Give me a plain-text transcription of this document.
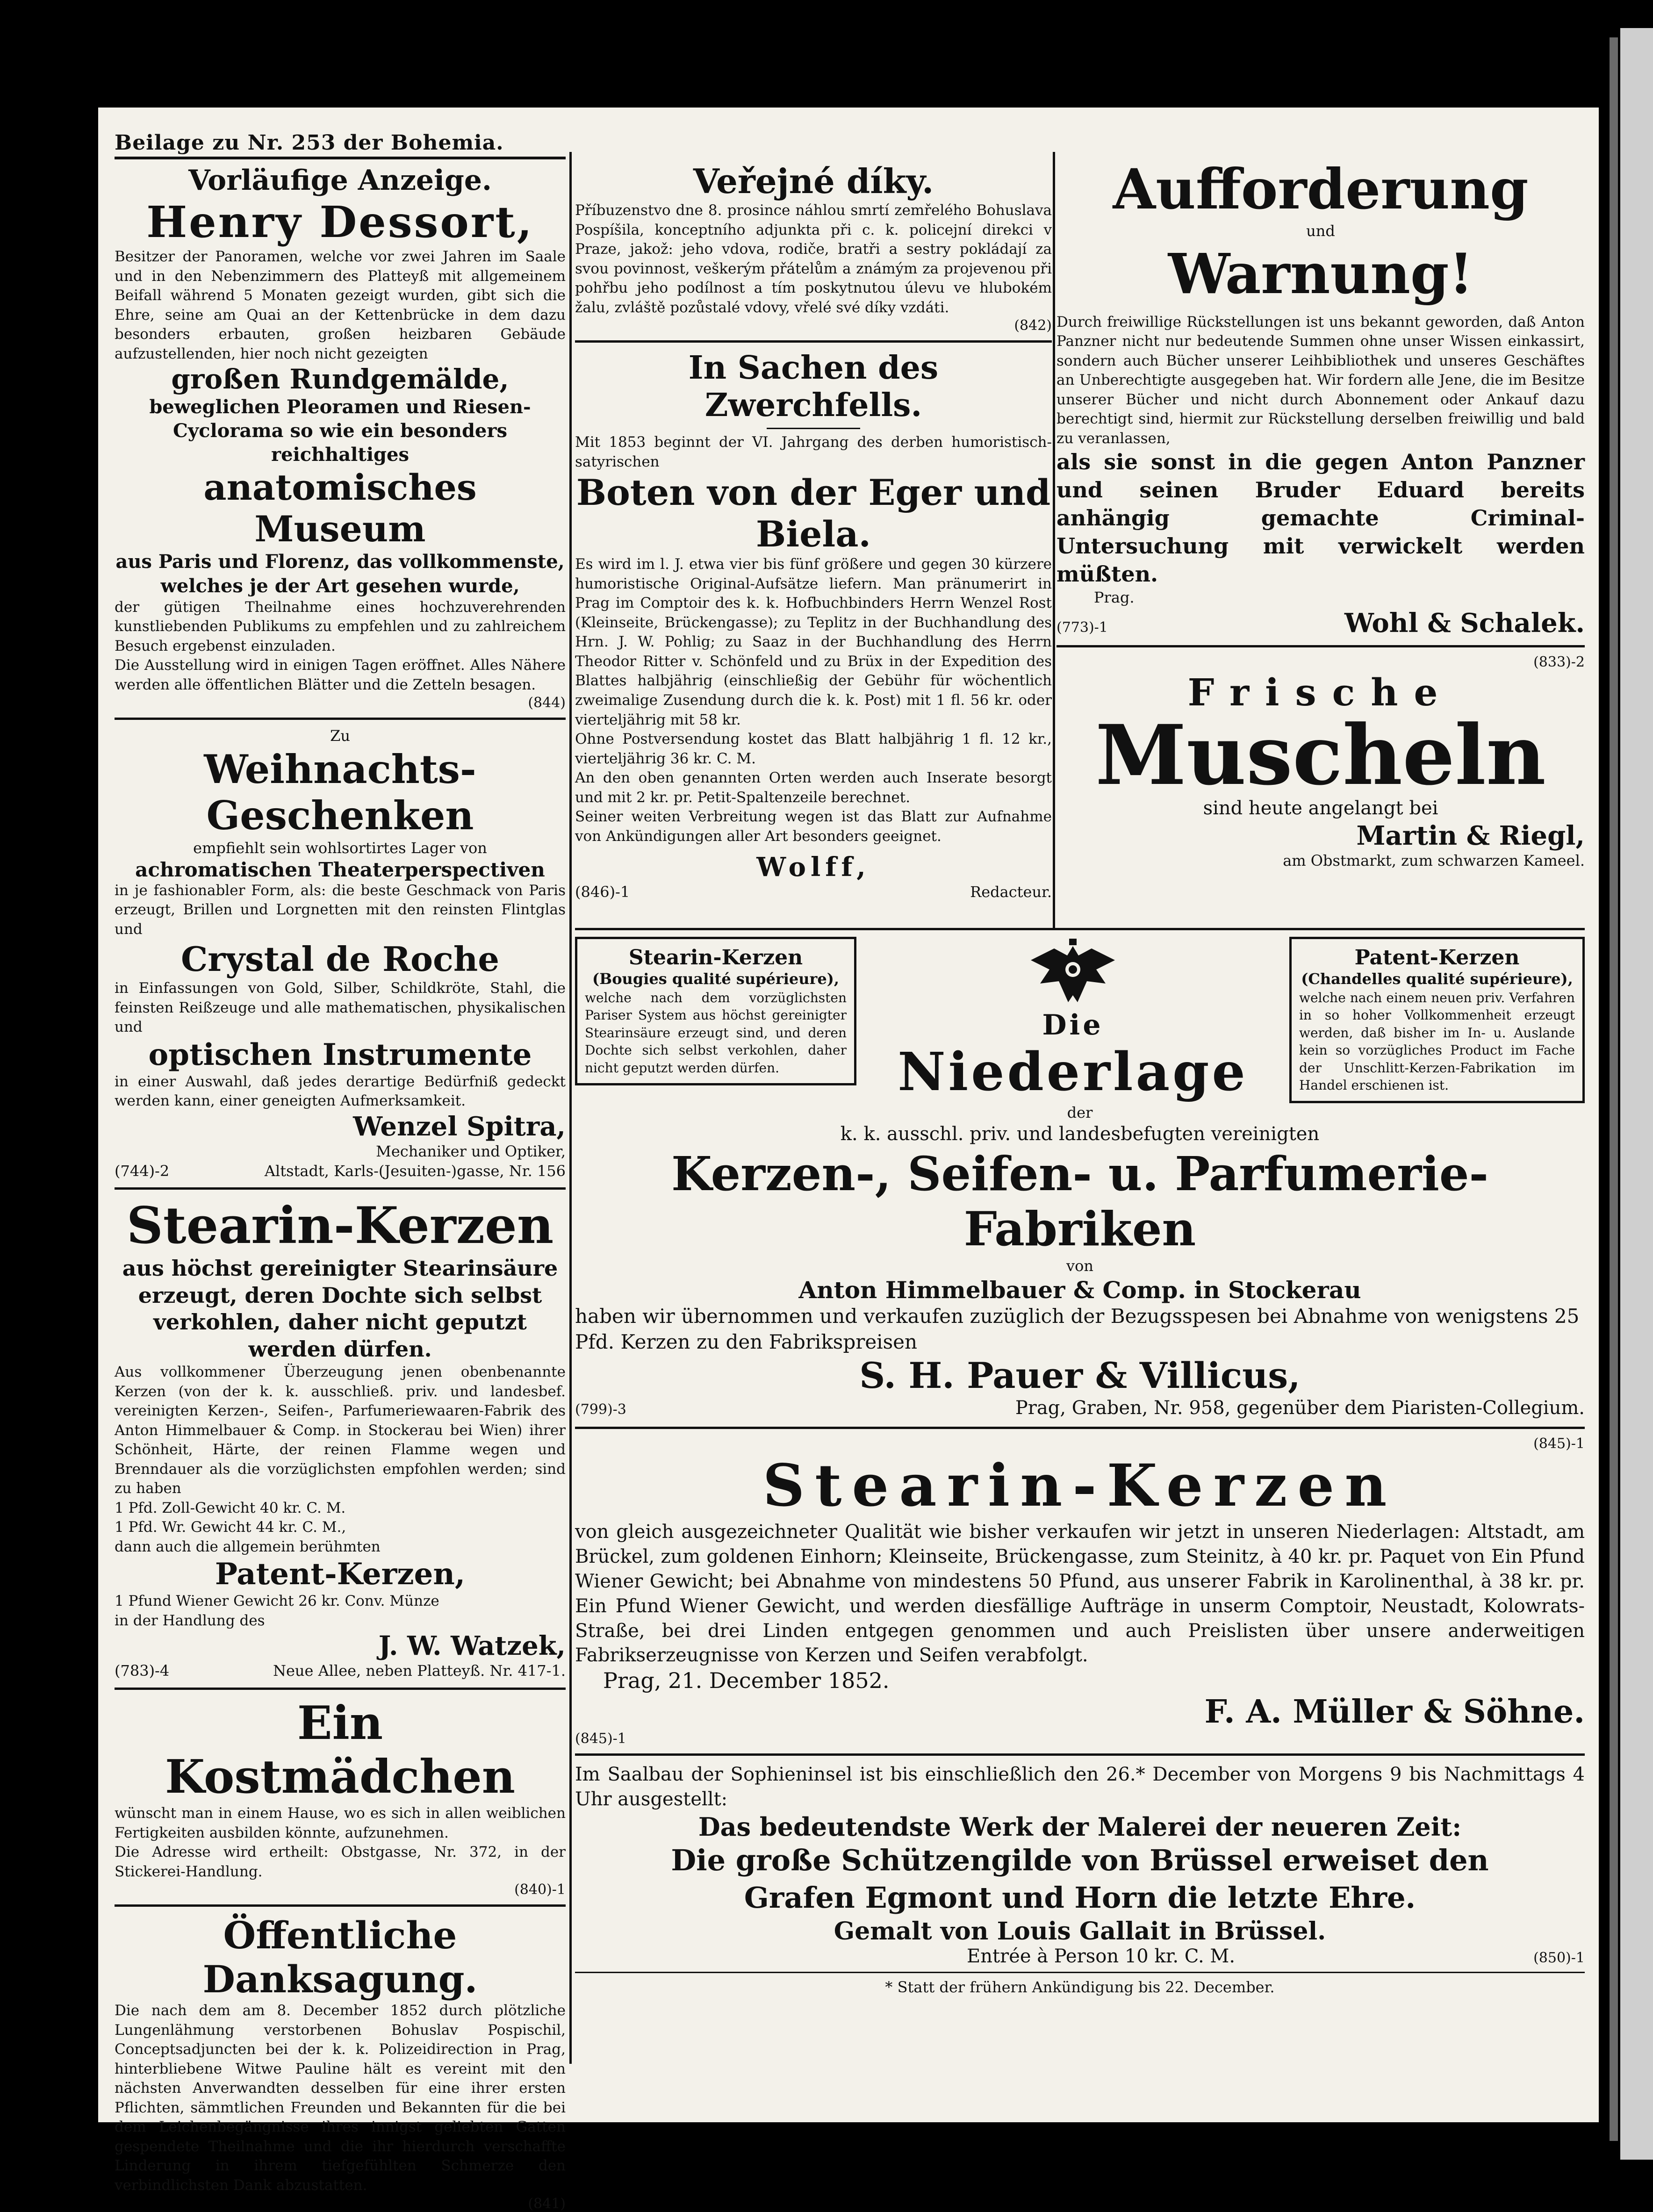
Beilage zu Nr. 253 der Bohemia.
Vorläufige Anzeige.
Henry Dessort,
Besitzer der Panoramen, welche vor zwei Jahren im Saale und in den Nebenzimmern des Platteyß mit allgemeinem Beifall während 5 Monaten gezeigt wurden, gibt sich die Ehre, seine am Quai an der Kettenbrücke in dem dazu besonders erbauten, großen heizbaren Gebäude aufzustellenden, hier noch nicht gezeigten
großen Rundgemälde,
beweglichen Pleoramen und Riesen-Cyclorama so wie ein besonders reichhaltiges
anatomisches Museum
aus Paris und Florenz, das vollkommenste, welches je der Art gesehen wurde,
der gütigen Theilnahme eines hochzuverehrenden kunstliebenden Publikums zu empfehlen und zu zahlreichem Besuch ergebenst einzuladen.
Die Ausstellung wird in einigen Tagen eröffnet. Alles Nähere werden alle öffentlichen Blätter und die Zetteln besagen.
(844)
Zu
Weihnachts-Geschenken
empfiehlt sein wohlsortirtes Lager von
achromatischen Theaterperspectiven
in je fashionabler Form, als: die beste Geschmack von Paris erzeugt, Brillen und Lorgnetten mit den reinsten Flintglas und
Crystal de Roche
in Einfassungen von Gold, Silber, Schildkröte, Stahl, die feinsten Reißzeuge und alle mathematischen, physikalischen und
optischen Instrumente
in einer Auswahl, daß jedes derartige Bedürfniß gedeckt werden kann, einer geneigten Aufmerksamkeit.
Wenzel Spitra,
Mechaniker und Optiker,
(744)-2	Altstadt, Karls-(Jesuiten-)gasse, Nr. 156
Stearin-Kerzen
aus höchst gereinigter Stearinsäure erzeugt, deren Dochte sich selbst verkohlen, daher nicht geputzt werden dürfen.
Aus vollkommener Überzeugung jenen obenbenannte Kerzen (von der k. k. ausschließ. priv. und landesbef. vereinigten Kerzen-, Seifen-, Parfumeriewaaren-Fabrik des Anton Himmelbauer & Comp. in Stockerau bei Wien) ihrer Schönheit, Härte, der reinen Flamme wegen und Brenndauer als die vorzüglichsten empfohlen werden; sind zu haben
1 Pfd. Zoll-Gewicht 40 kr. C. M.
1 Pfd. Wr. Gewicht 44 kr. C. M.,
dann auch die allgemein berühmten
Patent-Kerzen,
1 Pfund Wiener Gewicht 26 kr. Conv. Münze
in der Handlung des
J. W. Watzek,
(783)-4	Neue Allee, neben Platteyß. Nr. 417-1.
Ein Kostmädchen
wünscht man in einem Hause, wo es sich in allen weiblichen Fertigkeiten ausbilden könnte, aufzunehmen.
Die Adresse wird ertheilt: Obstgasse, Nr. 372, in der Stickerei-Handlung.
(840)-1
Öffentliche Danksagung.
Die nach dem am 8. December 1852 durch plötzliche Lungenlähmung verstorbenen Bohuslav Pospischil, Conceptsadjuncten bei der k. k. Polizeidirection in Prag, hinterbliebene Witwe Pauline hält es vereint mit den nächsten Anverwandten desselben für eine ihrer ersten Pflichten, sämmtlichen Freunden und Bekannten für die bei dem Leichenbegängnisse ihres innigst geliebten Gatten gespendete Theilnahme und die ihr hierdurch verschaffte Linderung in ihrem tiefgefühlten Schmerze den verbindlichsten Dank abzustatten.
(841)
Veřejné díky.
Příbuzenstvo dne 8. prosince náhlou smrtí zemřelého Bohuslava Pospíšila, konceptního adjunkta při c. k. policejní direkci v Praze, jakož: jeho vdova, rodiče, bratři a sestry pokládají za svou povinnost, veškerým přátelům a známým za projevenou při pohřbu jeho podílnost a tím poskytnutou úlevu ve hlubokém žalu, zvláště pozůstalé vdovy, vřelé své díky vzdáti.
(842)
In Sachen des Zwerchfells.
Mit 1853 beginnt der VI. Jahrgang des derben humoristisch-satyrischen
Boten von der Eger und Biela.
Es wird im l. J. etwa vier bis fünf größere und gegen 30 kürzere humoristische Original-Aufsätze liefern. Man pränumerirt in Prag im Comptoir des k. k. Hofbuchbinders Herrn Wenzel Rost (Kleinseite, Brückengasse); zu Teplitz in der Buchhandlung des Hrn. J. W. Pohlig; zu Saaz in der Buchhandlung des Herrn Theodor Ritter v. Schönfeld und zu Brüx in der Expedition des Blattes halbjährig (einschließig der Gebühr für wöchentlich zweimalige Zusendung durch die k. k. Post) mit 1 fl. 56 kr. oder vierteljährig mit 58 kr.
Ohne Postversendung kostet das Blatt halbjährig 1 fl. 12 kr., vierteljährig 36 kr. C. M.
An den oben genannten Orten werden auch Inserate besorgt und mit 2 kr. pr. Petit-Spaltenzeile berechnet.
Seiner weiten Verbreitung wegen ist das Blatt zur Aufnahme von Ankündigungen aller Art besonders geeignet.
Wolff,
(846)-1	Redacteur.
Aufforderung
und
Warnung!
Durch freiwillige Rückstellungen ist uns bekannt geworden, daß Anton Panzner nicht nur bedeutende Summen ohne unser Wissen einkassirt, sondern auch Bücher unserer Leihbibliothek und unseres Geschäftes an Unberechtigte ausgegeben hat. Wir fordern alle Jene, die im Besitze unserer Bücher und nicht durch Abonnement oder Ankauf dazu berechtigt sind, hiermit zur Rückstellung derselben freiwillig und bald zu veranlassen,
als sie sonst in die gegen Anton Panzner und seinen Bruder Eduard bereits anhängig gemachte Criminal-Untersuchung mit verwickelt werden müßten.
Prag.
(773)-1	Wohl & Schalek.
(833)-2
Frische
Muscheln
sind heute angelangt bei
Martin & Riegl,
am Obstmarkt, zum schwarzen Kameel.
Stearin-Kerzen
(Bougies qualité supérieure),
welche nach dem vorzüglichsten Pariser System aus höchst gereinigter Stearinsäure erzeugt sind, und deren Dochte sich selbst verkohlen, daher nicht geputzt werden dürfen.
Die
Niederlage
Patent-Kerzen
(Chandelles qualité supérieure),
welche nach einem neuen priv. Verfahren in so hoher Vollkommenheit erzeugt werden, daß bisher im In- u. Auslande kein so vorzügliches Product im Fache der Unschlitt-Kerzen-Fabrikation im Handel erschienen ist.
der
k. k. ausschl. priv. und landesbefugten vereinigten
Kerzen-, Seifen- u. Parfumerie-Fabriken
von
Anton Himmelbauer & Comp. in Stockerau
haben wir übernommen und verkaufen zuzüglich der Bezugsspesen bei Abnahme von wenigstens 25 Pfd. Kerzen zu den Fabrikspreisen
S. H. Pauer & Villicus,
(799)-3	Prag, Graben, Nr. 958, gegenüber dem Piaristen-Collegium.
(845)-1
Stearin-Kerzen
von gleich ausgezeichneter Qualität wie bisher verkaufen wir jetzt in unseren Niederlagen: Altstadt, am Brückel, zum goldenen Einhorn; Kleinseite, Brückengasse, zum Steinitz, à 40 kr. pr. Paquet von Ein Pfund Wiener Gewicht; bei Abnahme von mindestens 50 Pfund, aus unserer Fabrik in Karolinenthal, à 38 kr. pr. Ein Pfund Wiener Gewicht, und werden diesfällige Aufträge in unserm Comptoir, Neustadt, Kolowrats-Straße, bei drei Linden entgegen genommen und auch Preislisten über unsere anderweitigen Fabrikserzeugnisse von Kerzen und Seifen verabfolgt.
Prag, 21. December 1852.
F. A. Müller & Söhne.
(845)-1
Im Saalbau der Sophieninsel ist bis einschließlich den 26.* December von Morgens 9 bis Nachmittags 4 Uhr ausgestellt:
Das bedeutendste Werk der Malerei der neueren Zeit:
Die große Schützengilde von Brüssel erweiset den Grafen Egmont und Horn die letzte Ehre.
Gemalt von Louis Gallait in Brüssel.
Entrée à Person 10 kr. C. M.	(850)-1
* Statt der frühern Ankündigung bis 22. December.
